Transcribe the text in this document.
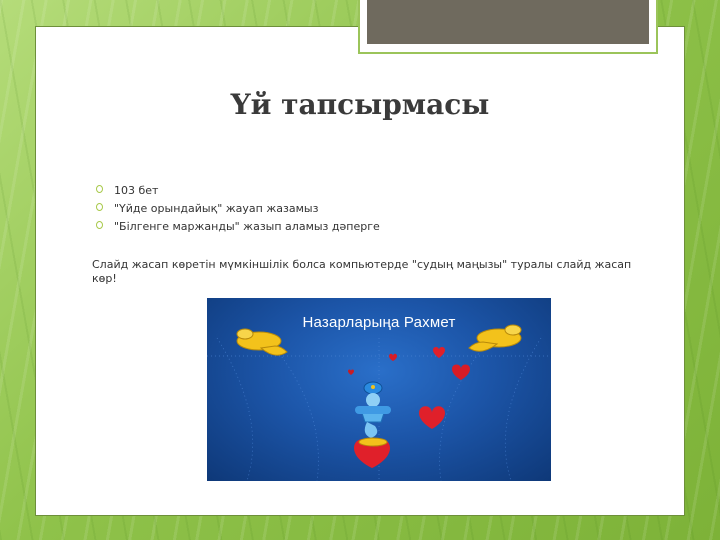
Үй тапсырмасы
103 бет
"Үйде орындайық" жауап жазамыз
"Білгенге маржанды" жазып аламыз дәперге
Слайд жасап көретін мүмкіншілік болса компьютерде "судың маңызы" туралы слайд жасап көр!
Назарларыңа Рахмет
